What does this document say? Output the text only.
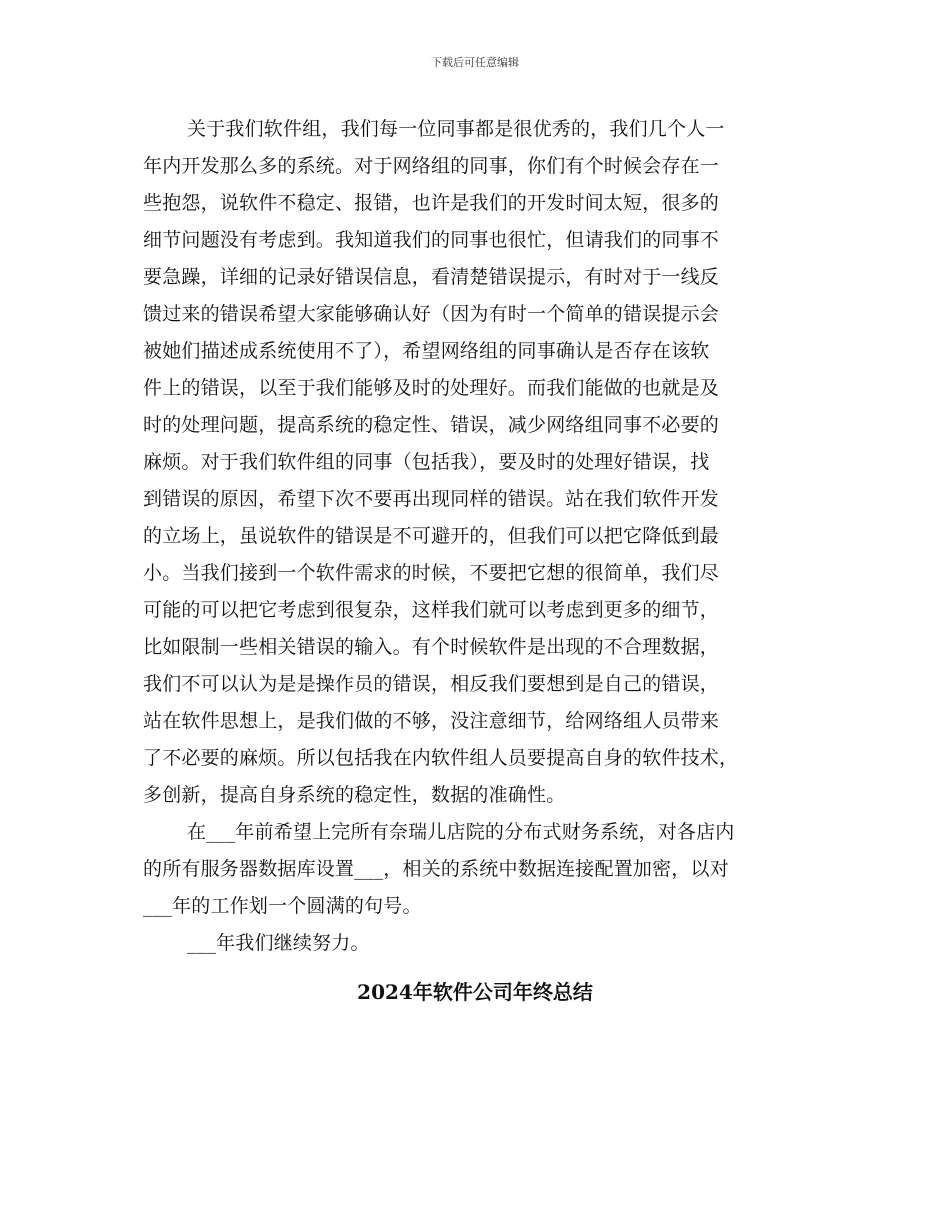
下载后可任意编辑
关于我们软件组，我们每一位同事都是很优秀的，我们几个人一
年内开发那么多的系统。对于网络组的同事，你们有个时候会存在一
些抱怨，说软件不稳定、报错，也许是我们的开发时间太短，很多的
细节问题没有考虑到。我知道我们的同事也很忙，但请我们的同事不
要急躁，详细的记录好错误信息，看清楚错误提示，有时对于一线反
馈过来的错误希望大家能够确认好（因为有时一个简单的错误提示会
被她们描述成系统使用不了），希望网络组的同事确认是否存在该软
件上的错误，以至于我们能够及时的处理好。而我们能做的也就是及
时的处理问题，提高系统的稳定性、错误，减少网络组同事不必要的
麻烦。对于我们软件组的同事（包括我），要及时的处理好错误，找
到错误的原因，希望下次不要再出现同样的错误。站在我们软件开发
的立场上，虽说软件的错误是不可避开的，但我们可以把它降低到最
小。当我们接到一个软件需求的时候，不要把它想的很简单，我们尽
可能的可以把它考虑到很复杂，这样我们就可以考虑到更多的细节，
比如限制一些相关错误的输入。有个时候软件是出现的不合理数据，
我们不可以认为是是操作员的错误，相反我们要想到是自己的错误，
站在软件思想上，是我们做的不够，没注意细节，给网络组人员带来
了不必要的麻烦。所以包括我在内软件组人员要提高自身的软件技术，
多创新，提高自身系统的稳定性，数据的准确性。
在___年前希望上完所有奈瑞儿店院的分布式财务系统，对各店内
的所有服务器数据库设置___，相关的系统中数据连接配置加密，以对
___年的工作划一个圆满的句号。
___年我们继续努力。
2024年软件公司年终总结
